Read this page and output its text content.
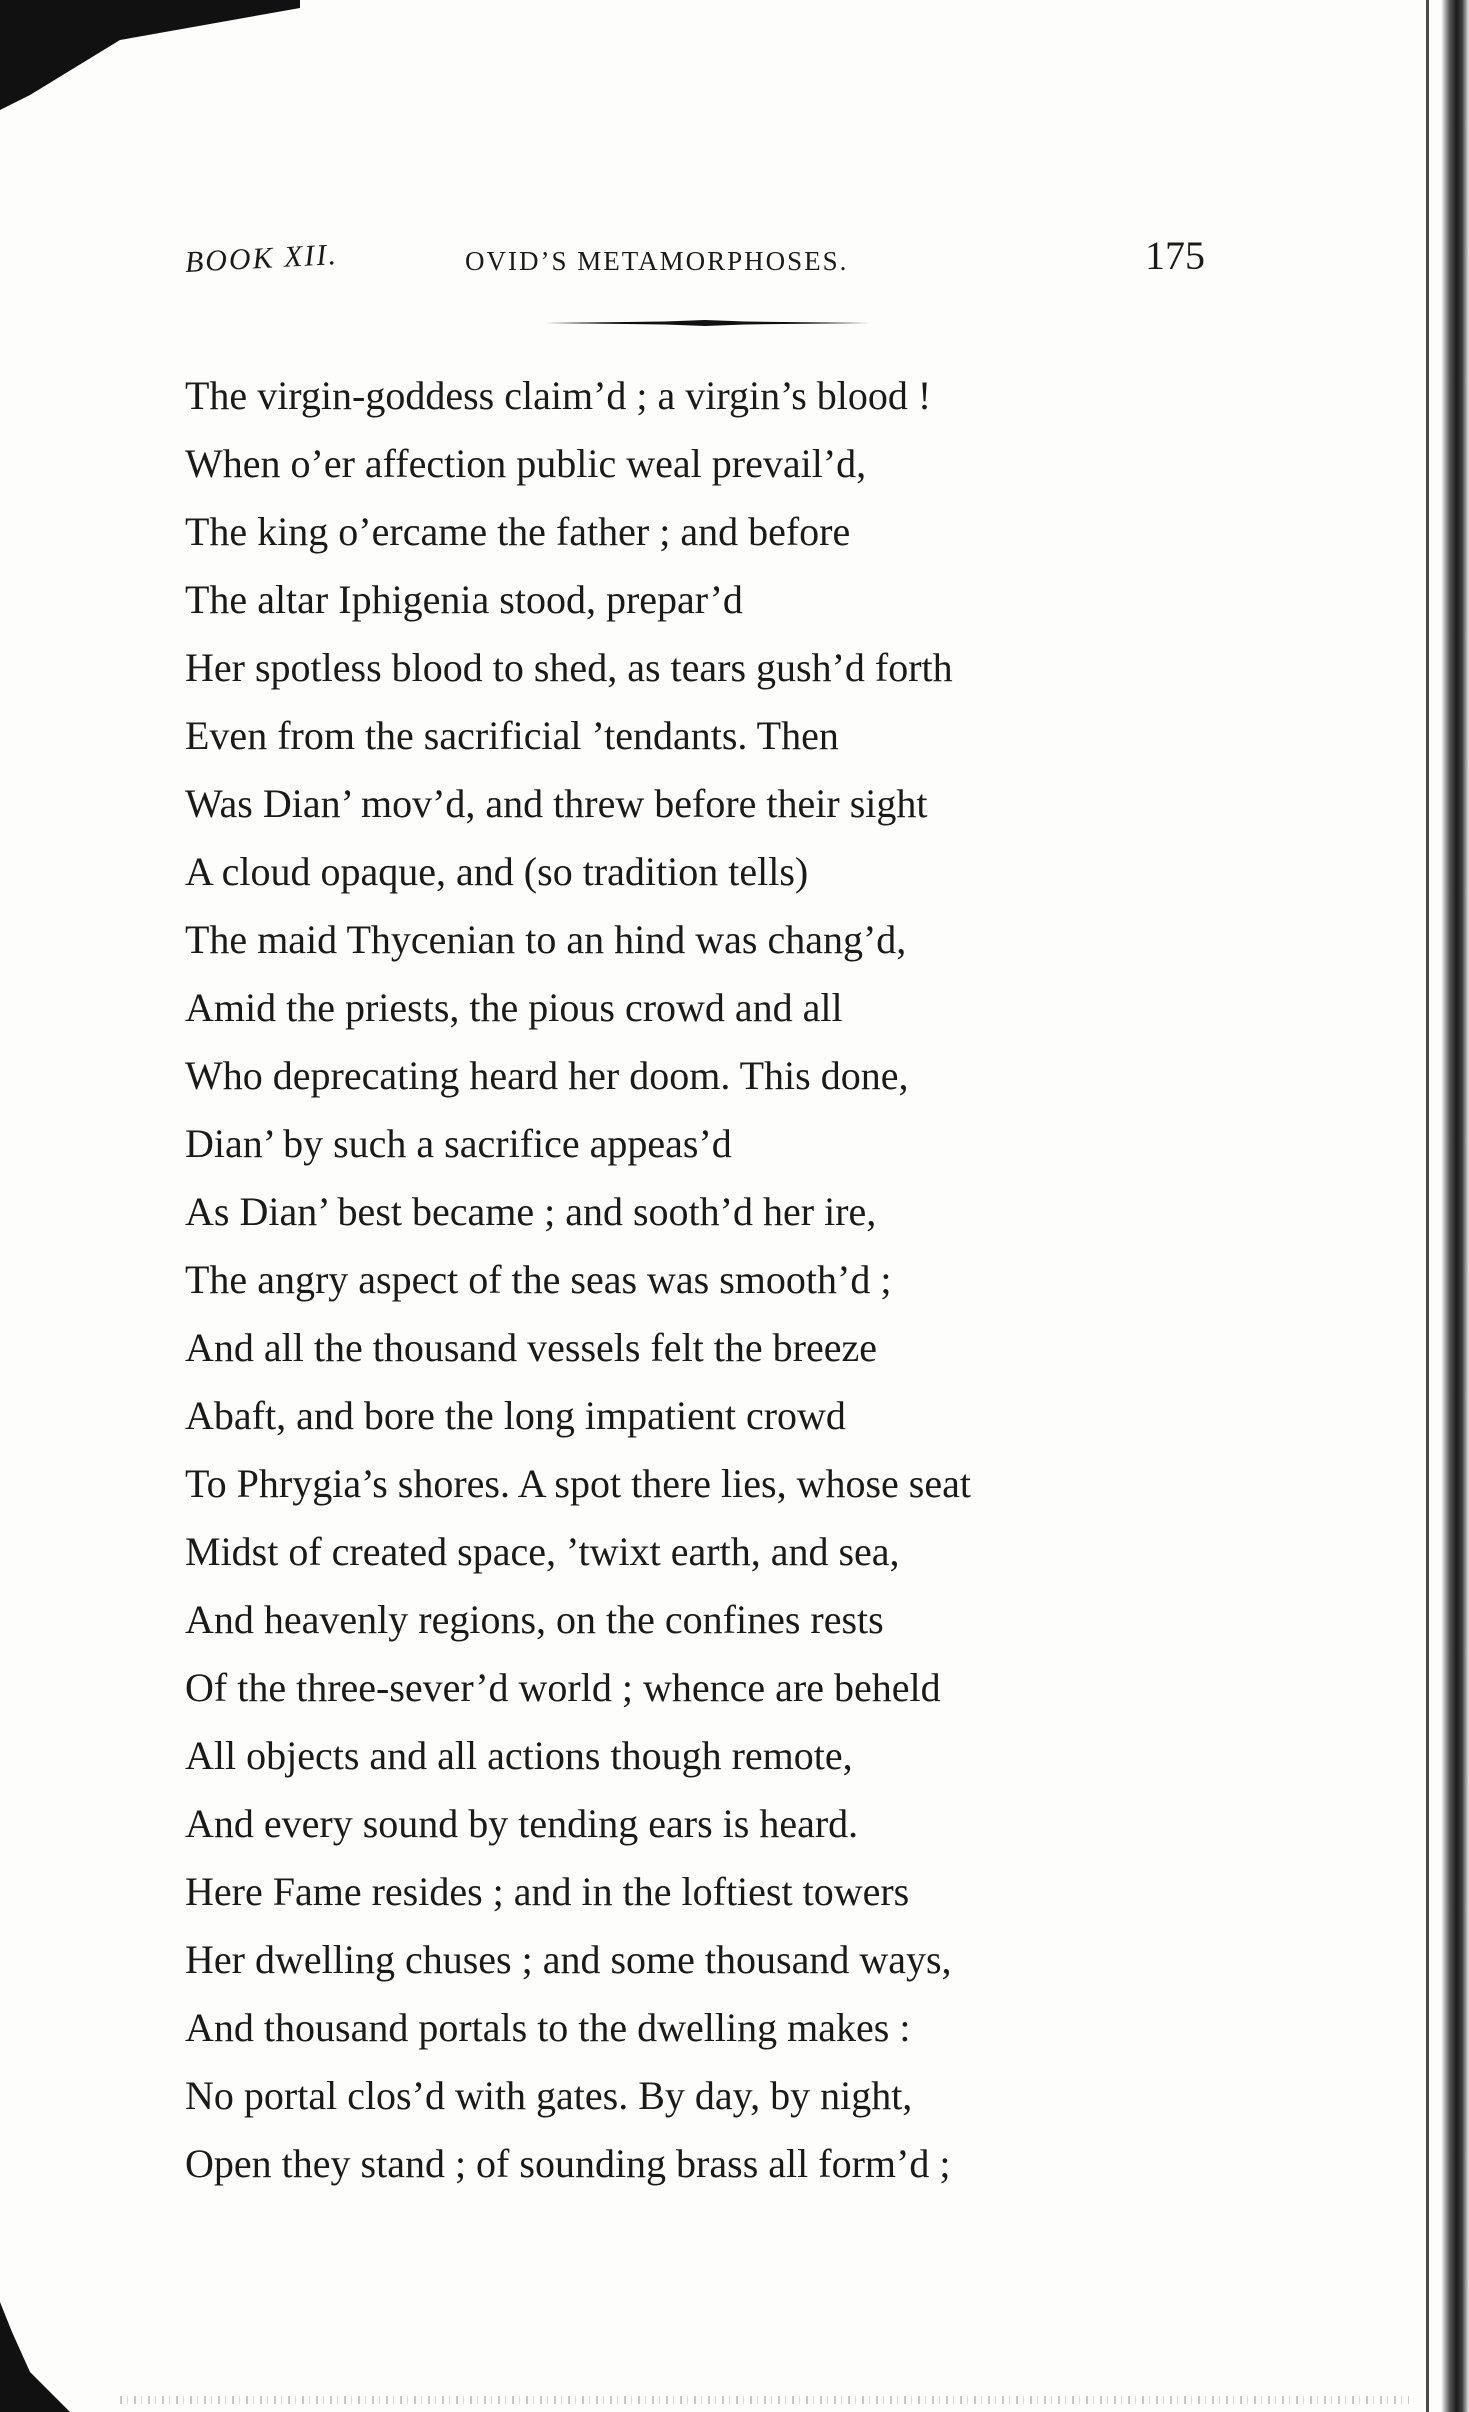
BOOK XII.	OVID’S METAMORPHOSES.	175
The virgin-goddess claim’d ; a virgin’s blood !
When o’er affection public weal prevail’d,
The king o’ercame the father ; and before
The altar Iphigenia stood, prepar’d
Her spotless blood to shed, as tears gush’d forth
Even from the sacrificial ’tendants. Then
Was Dian’ mov’d, and threw before their sight
A cloud opaque, and (so tradition tells)
The maid Thycenian to an hind was chang’d,
Amid the priests, the pious crowd and all
Who deprecating heard her doom. This done,
Dian’ by such a sacrifice appeas’d
As Dian’ best became ; and sooth’d her ire,
The angry aspect of the seas was smooth’d ;
And all the thousand vessels felt the breeze
Abaft, and bore the long impatient crowd
To Phrygia’s shores. A spot there lies, whose seat
Midst of created space, ’twixt earth, and sea,
And heavenly regions, on the confines rests
Of the three-sever’d world ; whence are beheld
All objects and all actions though remote,
And every sound by tending ears is heard.
Here Fame resides ; and in the loftiest towers
Her dwelling chuses ; and some thousand ways,
And thousand portals to the dwelling makes :
No portal clos’d with gates. By day, by night,
Open they stand ; of sounding brass all form’d ;
